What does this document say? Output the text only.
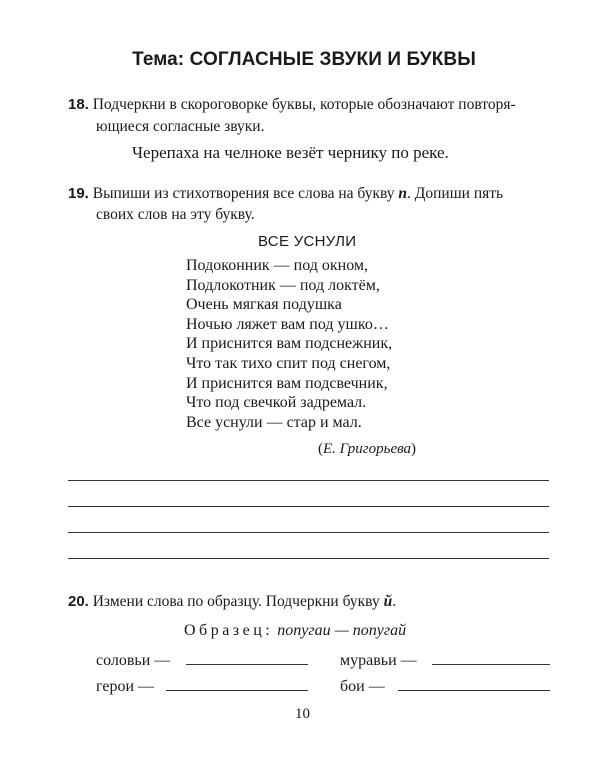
Тема: СОГЛАСНЫЕ ЗВУКИ И БУКВЫ
18. Подчеркни в скороговорке буквы, которые обозначают повторя-
ющиеся согласные звуки.
Черепаха на челноке везёт чернику по реке.
19. Выпиши из стихотворения все слова на букву п. Допиши пять
своих слов на эту букву.
ВСЕ УСНУЛИ
Подоконник — под окном,
Подлокотник — под локтём,
Очень мягкая подушка
Ночью ляжет вам под ушко…
И приснится вам подснежник,
Что так тихо спит под снегом,
И приснится вам подсвечник,
Что под свечкой задремал.
Все уснули — стар и мал.
(Е. Григорьева)
20. Измени слова по образцу. Подчеркни букву й.
Образец: попугаи — попугай
соловьи —	муравьи —
герои —	бои —
10
